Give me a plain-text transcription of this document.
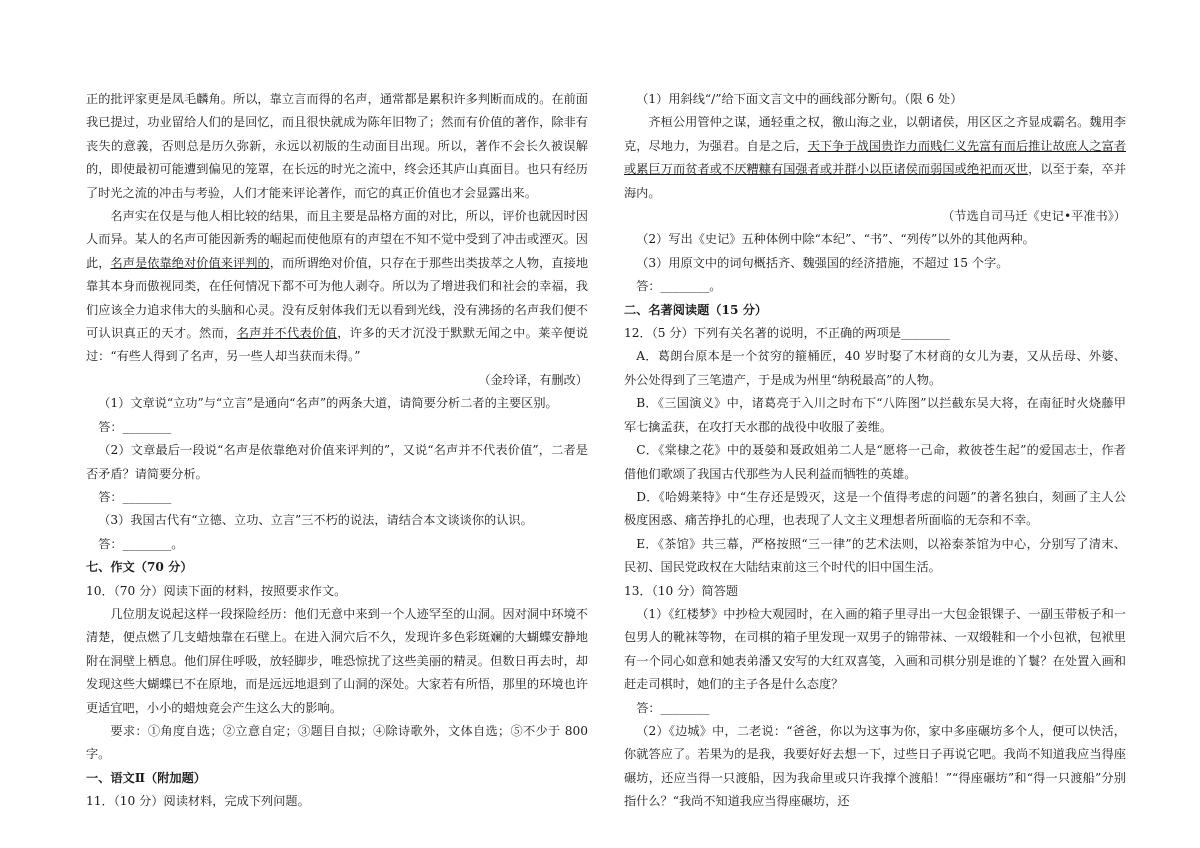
正的批评家更是凤毛麟角。所以，靠立言而得的名声，通常都是累积许多判断而成的。在前面我已提过，功业留给人们的是回忆，而且很快就成为陈年旧物了；然而有价值的著作，除非有丧失的意義，否则总是历久弥新，永远以初版的生动面目出现。所以，著作不会长久被误解的，即使最初可能遭到偏见的笼罩，在长远的时光之流中，终会还其庐山真面目。也只有经历了时光之流的冲击与考验，人们才能来评论著作，而它的真正价值也才会显露出来。

名声实在仅是与他人相比较的结果，而且主要是品格方面的对比，所以，评价也就因时因人而异。某人的名声可能因新秀的崛起而使他原有的声望在不知不觉中受到了冲击或湮灭。因此，名声是依靠绝对价值来评判的，而所谓绝对价值，只存在于那些出类拔萃之人物，直接地靠其本身而傲视同类，在任何情况下都不可为他人剥夺。所以为了增进我们和社会的幸福，我们应该全力追求伟大的头脑和心灵。没有反射体我们无以看到光线，没有沸扬的名声我们便不可认识真正的天才。然而，名声并不代表价值，许多的天才沉没于默默无闻之中。莱辛便说过：“有些人得到了名声，另一些人却当获而未得。”

（金玲译，有删改）

（1）文章说“立功”与“立言”是通向“名声”的两条大道，请简要分析二者的主要区别。

答：________

（2）文章最后一段说“名声是依靠绝对价值来评判的”，又说“名声并不代表价值”，二者是否矛盾？请简要分析。

答：________

（3）我国古代有“立德、立功、立言”三不朽的说法，请结合本文谈谈你的认识。

答：________。

七、作文（70 分）

10．（70 分）阅读下面的材料，按照要求作文。

几位朋友说起这样一段探险经历：他们无意中来到一个人迹罕至的山洞。因对洞中环境不清楚，便点燃了几支蜡烛靠在石壁上。在进入洞穴后不久，发现许多色彩斑斓的大蝴蝶安静地附在洞壁上栖息。他们屏住呼吸，放轻脚步，唯恐惊扰了这些美丽的精灵。但数日再去时，却发现这些大蝴蝶已不在原地，而是远远地退到了山洞的深处。大家若有所悟，那里的环境也许更适宜吧，小小的蜡烛竟会产生这么大的影响。

要求：①角度自选；②立意自定；③题目自拟；④除诗歌外，文体自选；⑤不少于 800 字。

一、语文Ⅱ（附加题）

11．（10 分）阅读材料，完成下列问题。

（1）用斜线“/”给下面文言文中的画线部分断句。（限 6 处）

齐桓公用管仲之谋，通轻重之权，徼山海之业，以朝诸侯，用区区之齐显成霸名。魏用李克，尽地力，为强君。自是之后，天下争于战国贵诈力而贱仁义先富有而后推让故庶人之富者或累巨万而贫者或不厌糟糠有国强者或并群小以臣诸侯而弱国或绝祀而灭世，以至于秦，卒并海内。

（节选自司马迁《史记•平准书》）

（2）写出《史记》五种体例中除“本纪”、“书”、“列传”以外的其他两种。

（3）用原文中的词句概括齐、魏强国的经济措施，不超过 15 个字。

答：________。

二、名著阅读题（15 分）

12．（5 分）下列有关名著的说明，不正确的两项是________

A．葛朗台原本是一个贫穷的箍桶匠，40 岁时娶了木材商的女儿为妻，又从岳母、外婆、外公处得到了三笔遗产，于是成为州里“纳税最高”的人物。

B．《三国演义》中，诸葛亮于入川之时布下“八阵图”以拦截东吴大将，在南征时火烧藤甲军七擒孟获，在攻打天水郡的战役中收服了姜维。

C．《棠棣之花》中的聂嫈和聂政姐弟二人是“愿将一己命，救彼苍生起”的爱国志士，作者借他们歌颂了我国古代那些为人民利益而牺牲的英雄。

D．《哈姆莱特》中“生存还是毁灭，这是一个值得考虑的问题”的著名独白，刻画了主人公极度困惑、痛苦挣扎的心理，也表现了人文主义理想者所面临的无奈和不幸。

E．《茶馆》共三幕，严格按照“三一律”的艺术法则，以裕泰茶馆为中心，分别写了清末、民初、国民党政权在大陆结束前这三个时代的旧中国生活。

13．（10 分）简答题

（1）《红楼梦》中抄检大观园时，在入画的箱子里寻出一大包金银锞子、一副玉带板子和一包男人的靴袜等物，在司棋的箱子里发现一双男子的锦带袜、一双缎鞋和一个小包袱，包袱里有一个同心如意和她表弟潘又安写的大红双喜笺，入画和司棋分别是谁的丫鬟？在处置入画和赶走司棋时，她们的主子各是什么态度？

答：________

（2）《边城》中，二老说：“爸爸，你以为这事为你，家中多座碾坊多个人，便可以快活，你就答应了。若果为的是我，我要好好去想一下，过些日子再说它吧。我尚不知道我应当得座碾坊，还应当得一只渡船，因为我命里或只许我撑个渡船！”“得座碾坊”和“得一只渡船”分别指什么？“我尚不知道我应当得座碾坊，还
